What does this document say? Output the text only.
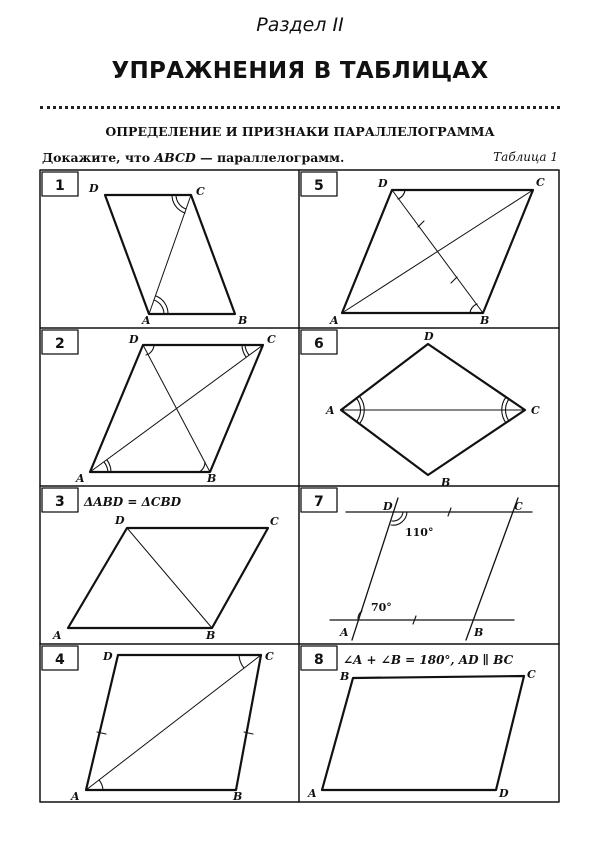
Раздел II
УПРАЖНЕНИЯ В ТАБЛИЦАХ
ОПРЕДЕЛЕНИЕ И ПРИЗНАКИ ПАРАЛЛЕЛОГРАММА
Докажите, что ABCD — параллелограмм.	Таблица 1
1 D	C
A	B
5	D	C
A	B
2	D	C
A	B
6	D
A	C
B
3 ΔABD = ΔCBD
D	C
A	B
7	D	C
A	B
110°
70°
4	D	C
A	B
8 ∠A + ∠B = 180°, AD ∥ BC
B	C
A	D
